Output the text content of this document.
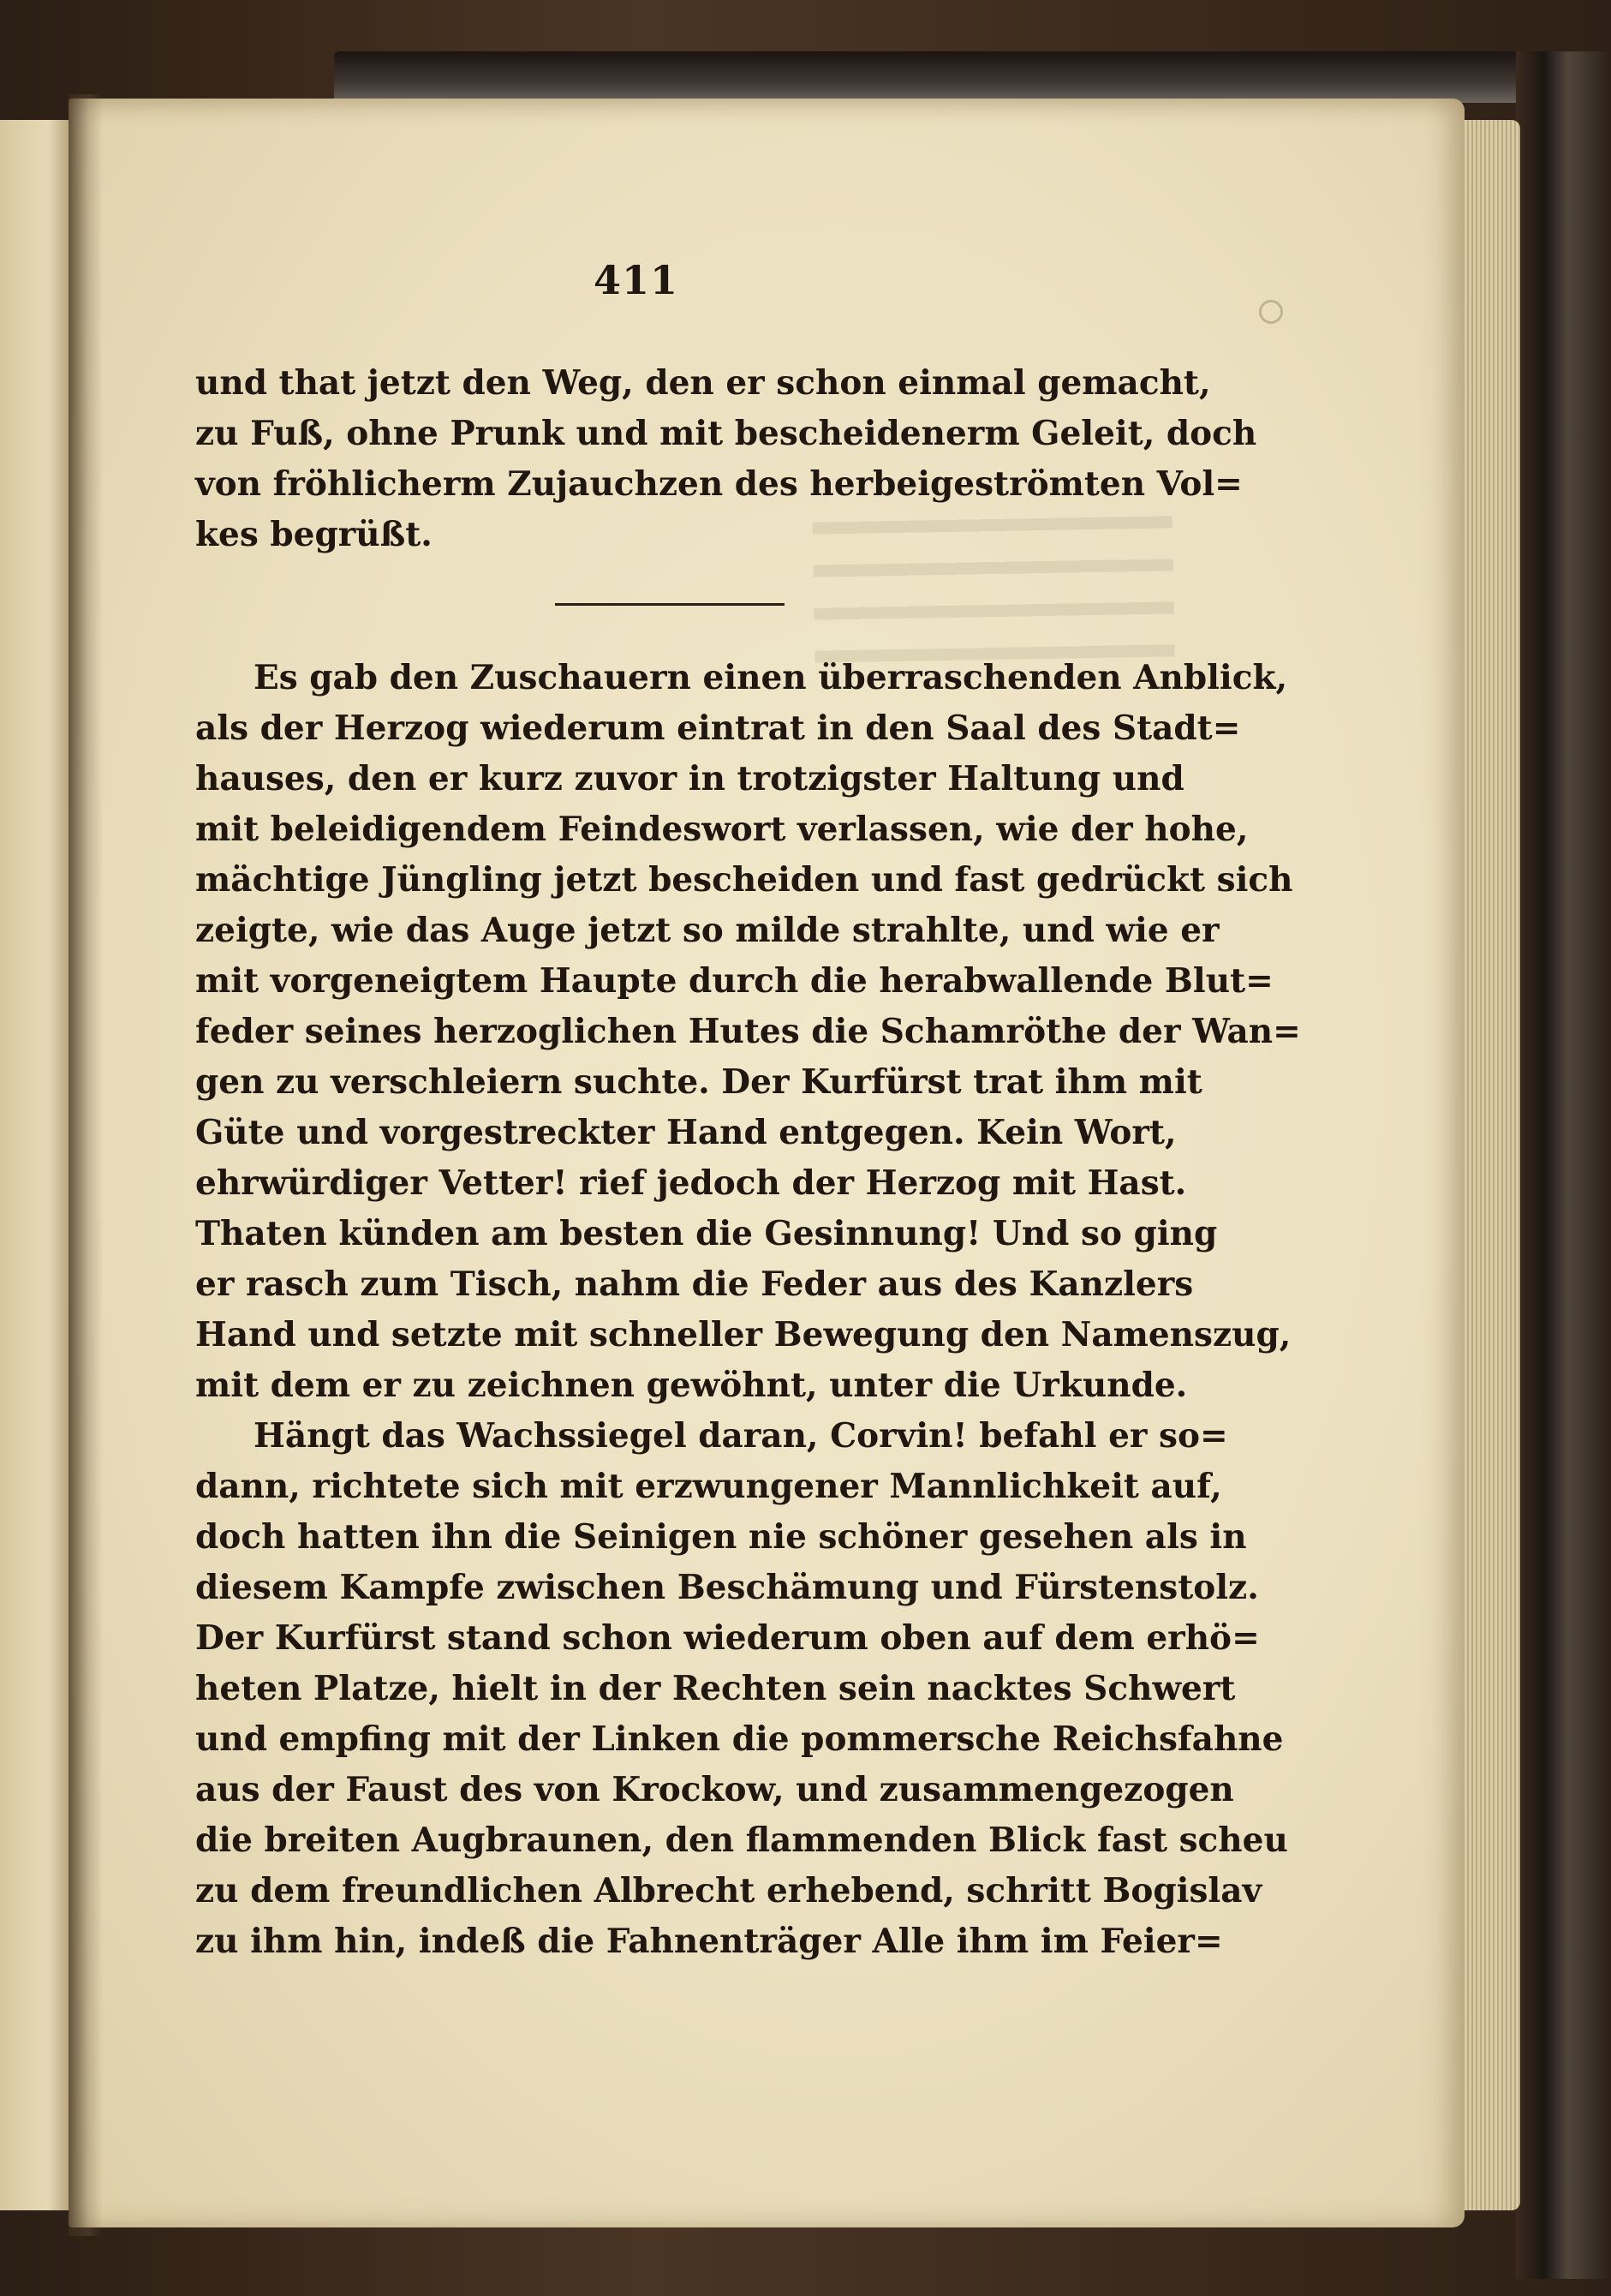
411
und that jetzt den Weg, den er schon einmal gemacht,
zu Fuß, ohne Prunk und mit bescheidenerm Geleit, doch
von fröhlicherm Zujauchzen des herbeigeströmten Vol=
kes begrüßt.
Es gab den Zuschauern einen überraschenden Anblick,
als der Herzog wiederum eintrat in den Saal des Stadt=
hauses, den er kurz zuvor in trotzigster Haltung und
mit beleidigendem Feindeswort verlassen, wie der hohe,
mächtige Jüngling jetzt bescheiden und fast gedrückt sich
zeigte, wie das Auge jetzt so milde strahlte, und wie er
mit vorgeneigtem Haupte durch die herabwallende Blut=
feder seines herzoglichen Hutes die Schamröthe der Wan=
gen zu verschleiern suchte. Der Kurfürst trat ihm mit
Güte und vorgestreckter Hand entgegen. Kein Wort,
ehrwürdiger Vetter! rief jedoch der Herzog mit Hast.
Thaten künden am besten die Gesinnung! Und so ging
er rasch zum Tisch, nahm die Feder aus des Kanzlers
Hand und setzte mit schneller Bewegung den Namenszug,
mit dem er zu zeichnen gewöhnt, unter die Urkunde.
Hängt das Wachssiegel daran, Corvin! befahl er so=
dann, richtete sich mit erzwungener Mannlichkeit auf,
doch hatten ihn die Seinigen nie schöner gesehen als in
diesem Kampfe zwischen Beschämung und Fürstenstolz.
Der Kurfürst stand schon wiederum oben auf dem erhö=
heten Platze, hielt in der Rechten sein nacktes Schwert
und empfing mit der Linken die pommersche Reichsfahne
aus der Faust des von Krockow, und zusammengezogen
die breiten Augbraunen, den flammenden Blick fast scheu
zu dem freundlichen Albrecht erhebend, schritt Bogislav
zu ihm hin, indeß die Fahnenträger Alle ihm im Feier=
